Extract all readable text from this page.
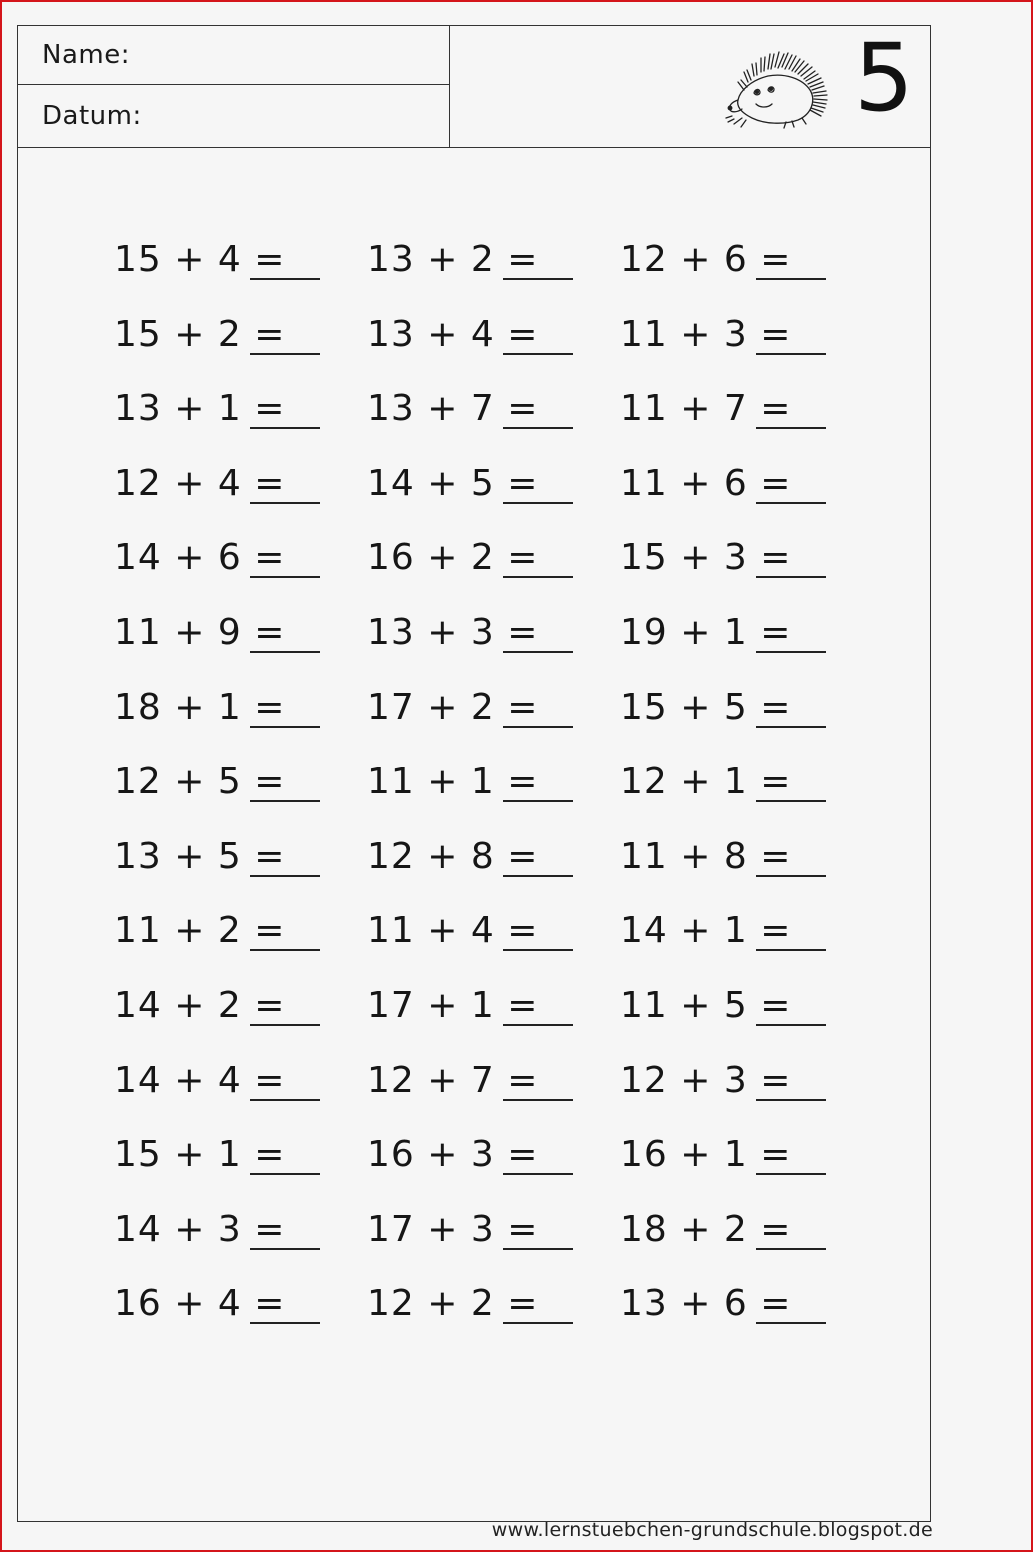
Name:
Datum:	5
15 + 4 =
15 + 2 =
13 + 1 =
12 + 4 =
14 + 6 =
11 + 9 =
18 + 1 =
12 + 5 =
13 + 5 =
11 + 2 =
14 + 2 =
14 + 4 =
15 + 1 =
14 + 3 =
16 + 4 =
13 + 2 =
13 + 4 =
13 + 7 =
14 + 5 =
16 + 2 =
13 + 3 =
17 + 2 =
11 + 1 =
12 + 8 =
11 + 4 =
17 + 1 =
12 + 7 =
16 + 3 =
17 + 3 =
12 + 2 =
12 + 6 =
11 + 3 =
11 + 7 =
11 + 6 =
15 + 3 =
19 + 1 =
15 + 5 =
12 + 1 =
11 + 8 =
14 + 1 =
11 + 5 =
12 + 3 =
16 + 1 =
18 + 2 =
13 + 6 =
www.lernstuebchen-grundschule.blogspot.de
